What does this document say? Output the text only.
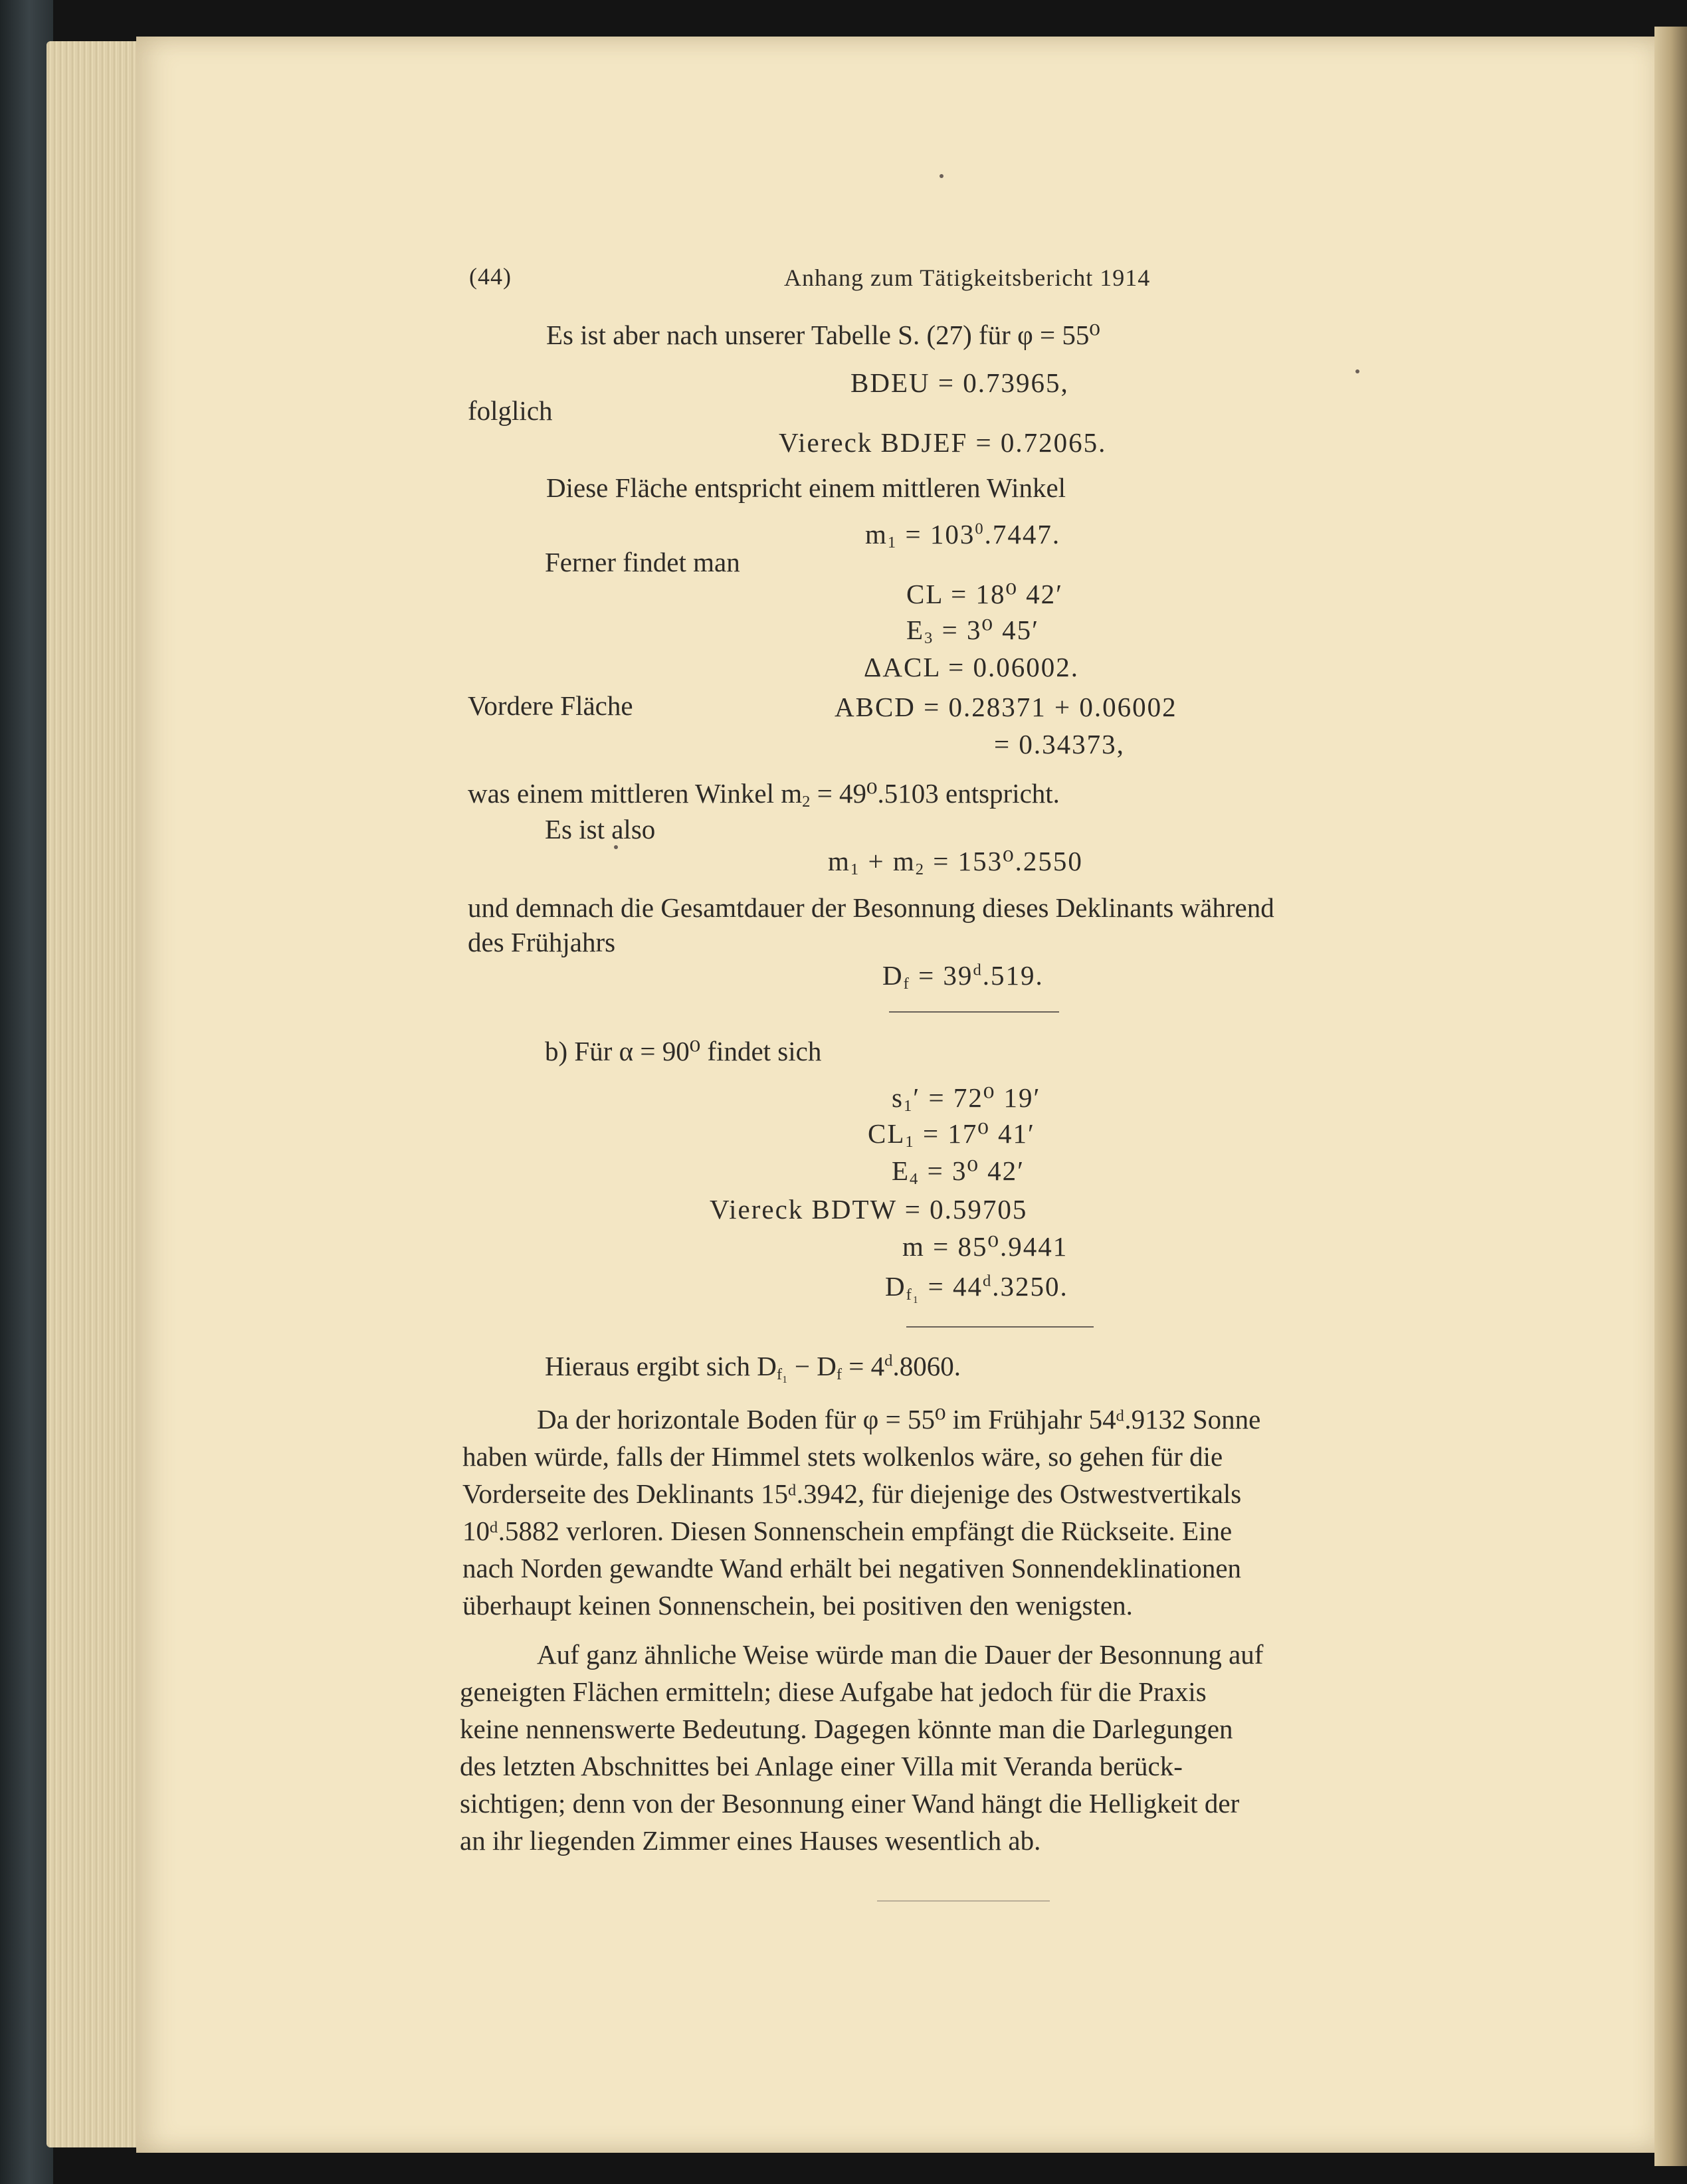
(44)	Anhang zum Tätigkeitsbericht 1914
Es ist aber nach unserer Tabelle S. (27) für φ = 55⁰
BDEU = 0.73965,
folglich
Viereck BDJEF = 0.72065.
Diese Fläche entspricht einem mittleren Winkel
$m_1 = 103^0.7447$.
Ferner findet man
CL = 18⁰ 42′
$E_3 = 3^0$ 45′
ΔACL = 0.06002.
Vordere Fläche	ABCD = 0.28371 + 0.06002
= 0.34373,
was einem mittleren Winkel $m_2 = 49^0.5103$ entspricht.
Es ist also
$m_1 + m_2 = 153^0.2550$
und demnach die Gesamtdauer der Besonnung dieses Deklinants während
des Frühjahrs
$D_f = 39^d.519$.
b) Für α = 90⁰ findet sich
$s_1' = 72^0$ 19′
$CL_1 = 17^0$ 41′
$E_4 = 3^0$ 42′
Viereck BDTW = 0.59705
m = 85⁰.9441
$D_{f_1} = 44^d.3250$.
Hieraus ergibt sich $D_{f_1} - D_f = 4^d.8060$.
Da der horizontale Boden für φ = 55⁰ im Frühjahr 54ᵈ.9132 Sonne
haben würde, falls der Himmel stets wolkenlos wäre, so gehen für die
Vorderseite des Deklinants 15ᵈ.3942, für diejenige des Ostwestvertikals
10ᵈ.5882 verloren. Diesen Sonnenschein empfängt die Rückseite. Eine
nach Norden gewandte Wand erhält bei negativen Sonnendeklinationen
überhaupt keinen Sonnenschein, bei positiven den wenigsten.
Auf ganz ähnliche Weise würde man die Dauer der Besonnung auf
geneigten Flächen ermitteln; diese Aufgabe hat jedoch für die Praxis
keine nennenswerte Bedeutung. Dagegen könnte man die Darlegungen
des letzten Abschnittes bei Anlage einer Villa mit Veranda berück-
sichtigen; denn von der Besonnung einer Wand hängt die Helligkeit der
an ihr liegenden Zimmer eines Hauses wesentlich ab.
